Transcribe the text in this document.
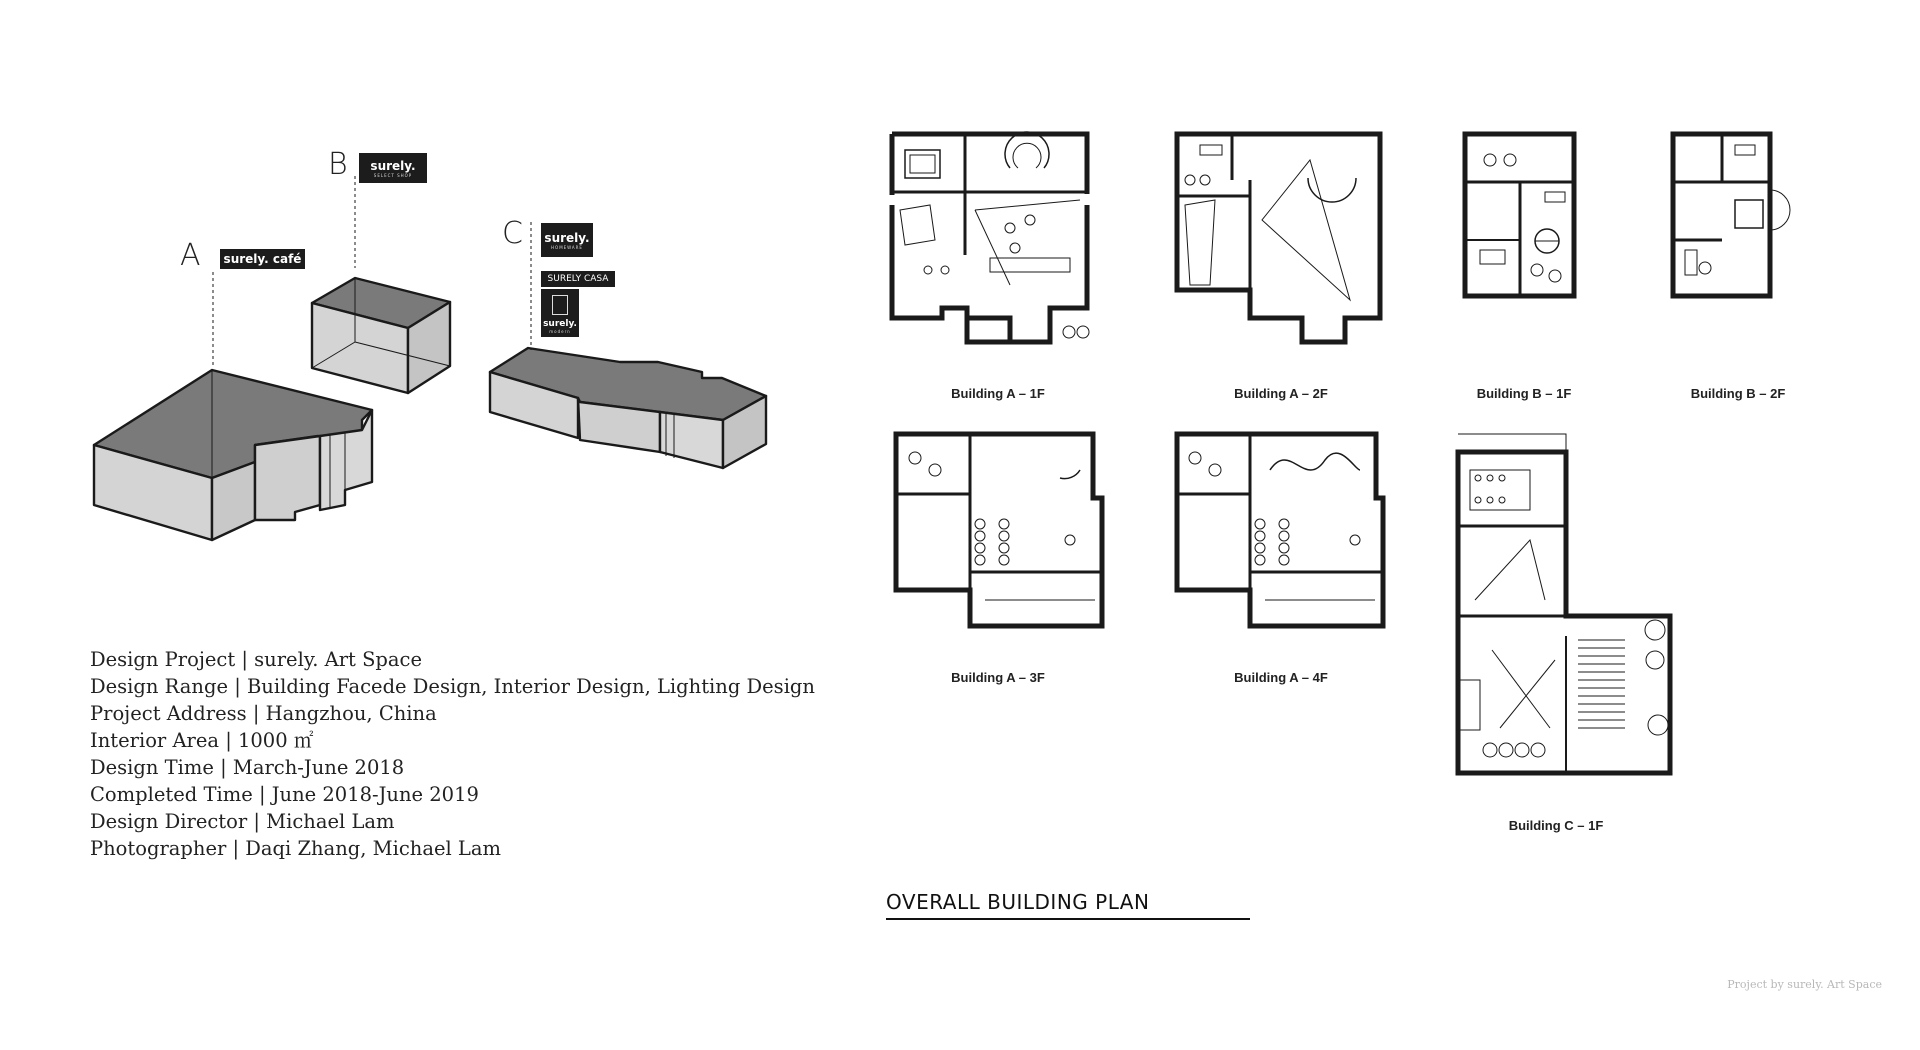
A
B
C
surely. café
surely.
SELECT SHOP
surely.
HOMEWARE
SURELY CASA
surely.
modern
Design Project | surely. Art Space
Design Range | Building Facede Design, Interior Design, Lighting Design
Project Address | Hangzhou, China
Interior Area | 1000 ㎡
Design Time | March-June 2018
Completed Time | June 2018-June 2019
Design Director | Michael Lam
Photographer | Daqi Zhang, Michael Lam
Building A – 1F	Building A – 2F	Building B – 1F	Building B – 2F
Building A – 3F	Building A – 4F
Building C – 1F
OVERALL BUILDING PLAN
Project by surely. Art Space
